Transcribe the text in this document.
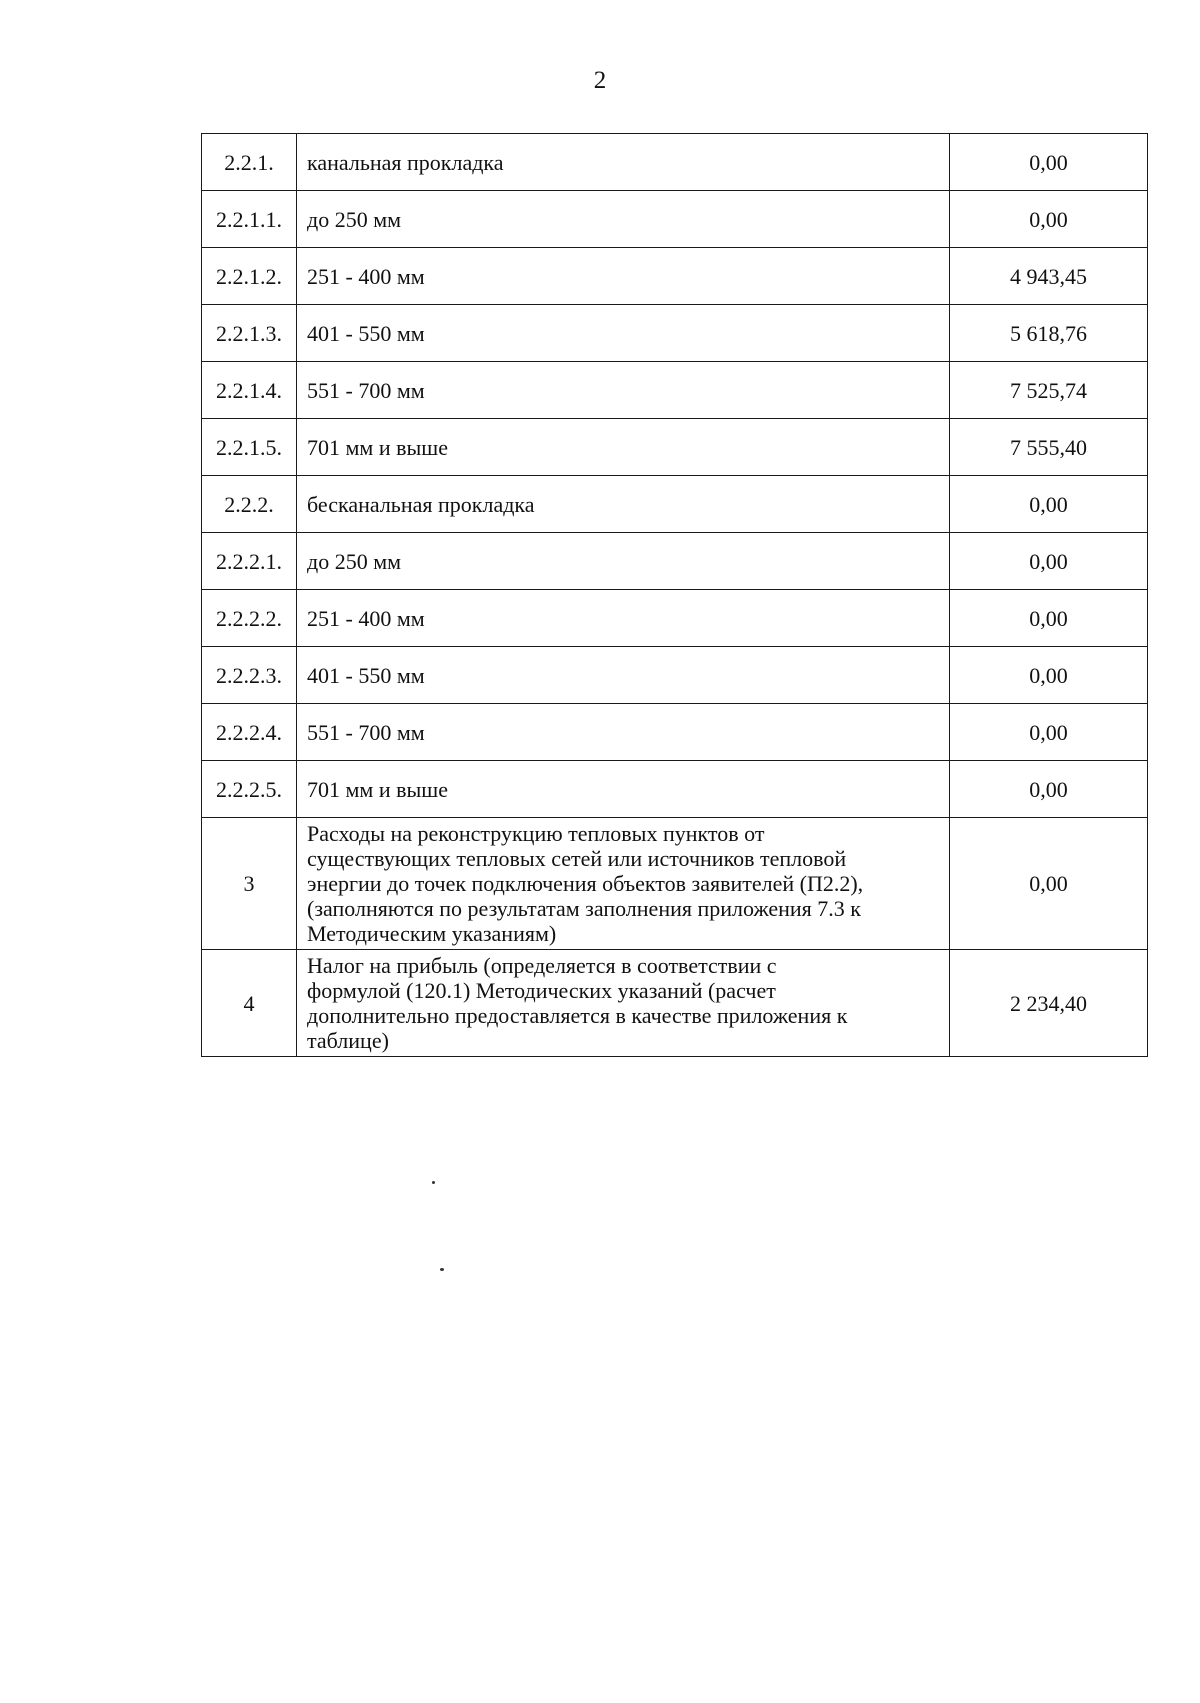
2
2.2.1.	канальная прокладка	0,00
2.2.1.1.	до 250 мм	0,00
2.2.1.2.	251 - 400 мм	4 943,45
2.2.1.3.	401 - 550 мм	5 618,76
2.2.1.4.	551 - 700 мм	7 525,74
2.2.1.5.	701 мм и выше	7 555,40
2.2.2.	бесканальная прокладка	0,00
2.2.2.1.	до 250 мм	0,00
2.2.2.2.	251 - 400 мм	0,00
2.2.2.3.	401 - 550 мм	0,00
2.2.2.4.	551 - 700 мм	0,00
2.2.2.5.	701 мм и выше	0,00
3	Расходы на реконструкцию тепловых пунктов от
существующих тепловых сетей или источников тепловой
энергии до точек подключения объектов заявителей (П2.2),
(заполняются по результатам заполнения приложения 7.3 к
Методическим указаниям)	0,00
4	Налог на прибыль (определяется в соответствии с
формулой (120.1) Методических указаний (расчет
дополнительно предоставляется в качестве приложения к
таблице)	2 234,40
